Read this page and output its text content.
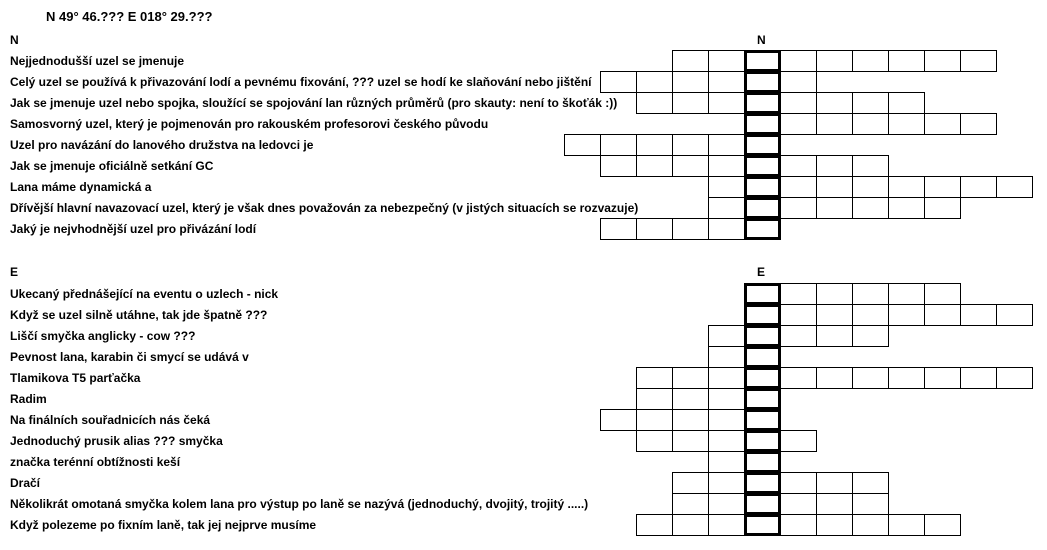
N 49° 46.??? E 018° 29.???
N	N
Nejjednodušší uzel se jmenuje
Celý uzel se používá k přivazování lodí a pevnému fixování, ??? uzel se hodí ke slaňování nebo jištění
Jak se jmenuje uzel nebo spojka, sloužící se spojování lan různých průměrů (pro skauty: není to škoťák :))
Samosvorný uzel, který je pojmenován pro rakouském profesorovi českého původu
Uzel pro navázání do lanového družstva na ledovci je
Jak se jmenuje oficiálně setkání GC
Lana máme dynamická a
Dřívější hlavní navazovací uzel, který je však dnes považován za nebezpečný (v jistých situacích se rozvazuje)
Jaký je nejvhodnější uzel pro přivázání lodí
E	E
Ukecaný přednášející na eventu o uzlech - nick
Když se uzel silně utáhne, tak jde špatně ???
Liščí smyčka anglicky - cow ???
Pevnost lana, karabin či smycí se udává v
Tlamikova T5 parťačka
Radim
Na finálních souřadnicích nás čeká
Jednoduchý prusik alias ??? smyčka
značka terénní obtížnosti keší
Dračí
Několikrát omotaná smyčka kolem lana pro výstup po laně se nazývá (jednoduchý, dvojitý, trojitý .....)
Když polezeme po fixním laně, tak jej nejprve musíme
